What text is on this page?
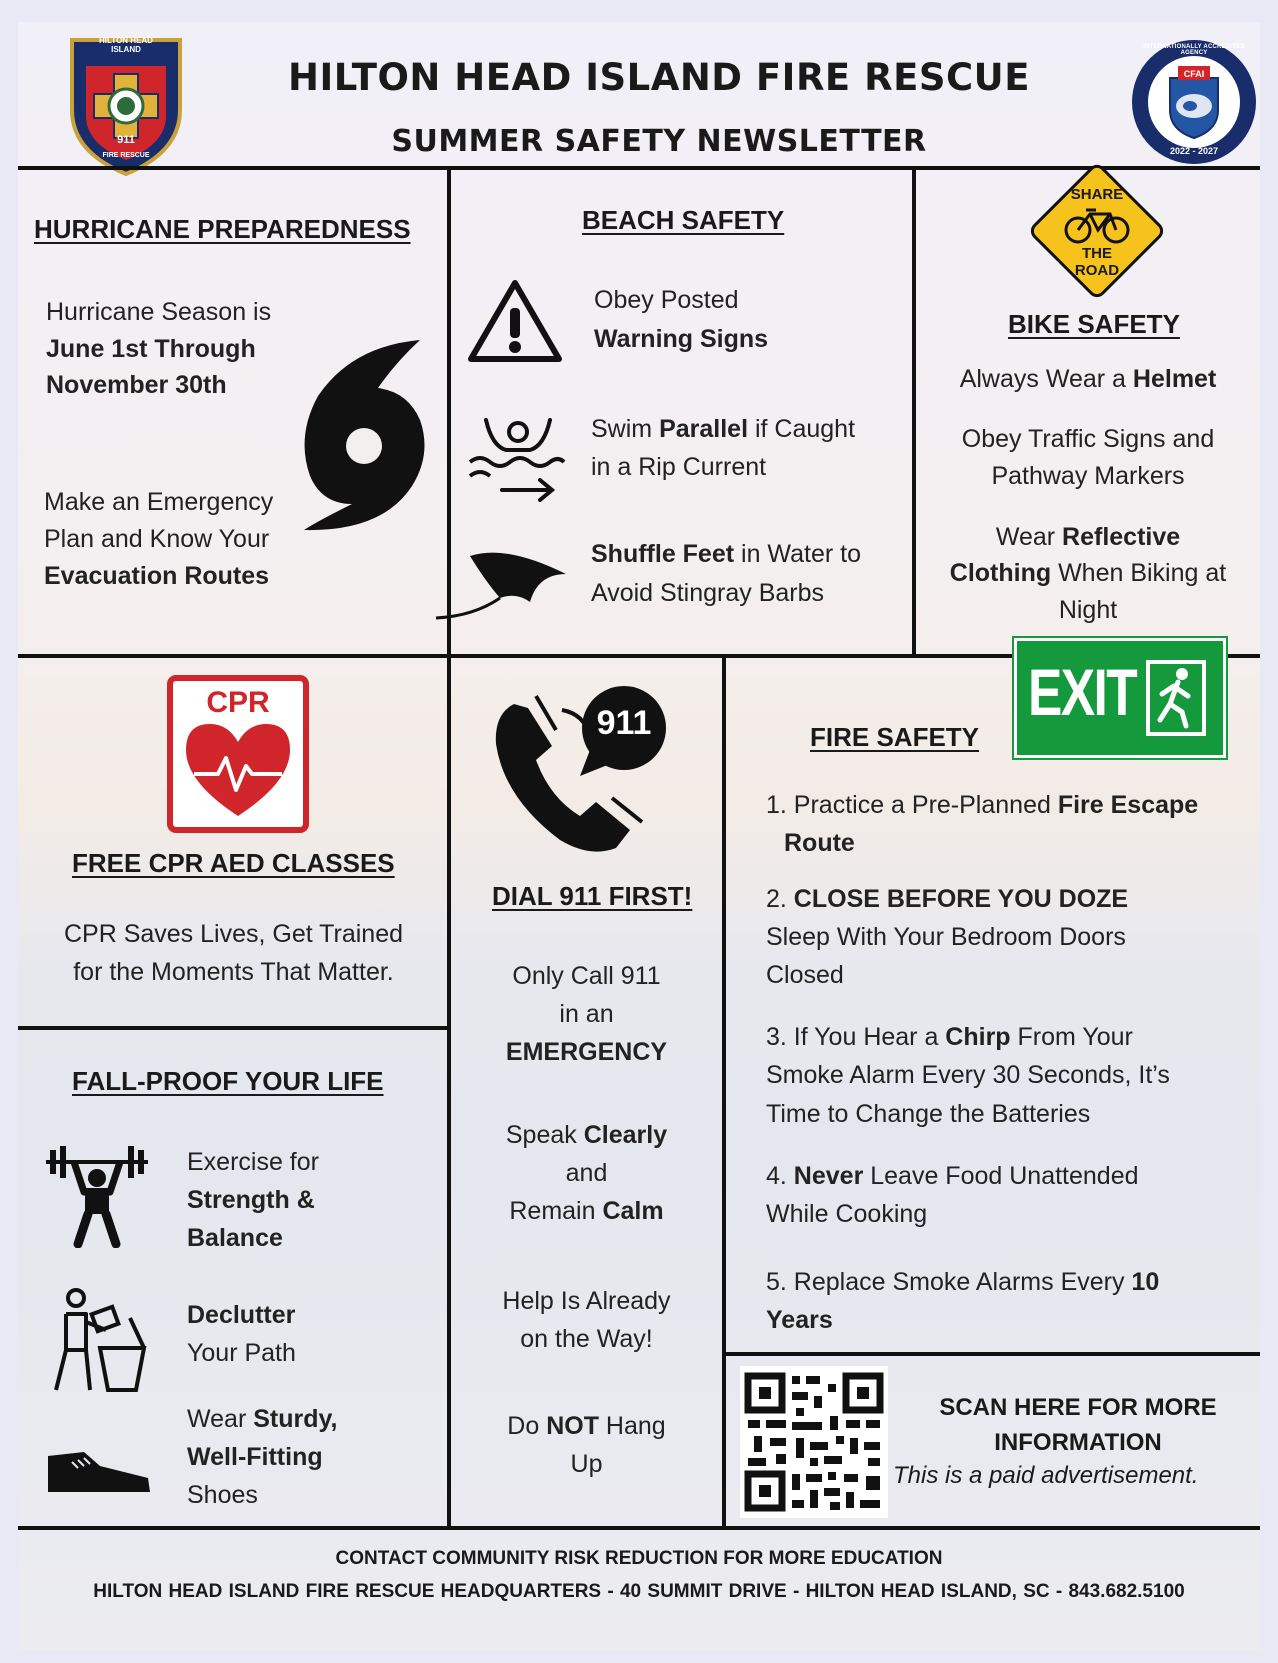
HILTON HEAD ISLAND
911
FIRE RESCUE
CFAI
2022 - 2027
INTERNATIONALLY ACCREDITED AGENCY
HILTON HEAD ISLAND FIRE RESCUE
SUMMER SAFETY NEWSLETTER
HURRICANE PREPAREDNESS
Hurricane Season is
June 1st Through
November 30th
Make an Emergency
Plan and Know Your
Evacuation Routes
BEACH SAFETY
Obey Posted
Warning Signs
Swim Parallel if Caught
in a Rip Current
Shuffle Feet in Water to
Avoid Stingray Barbs
SHARE
THE
ROAD
BIKE SAFETY
Always Wear a Helmet
Obey Traffic Signs and
Pathway Markers
Wear Reflective
Clothing When Biking at
Night
CPR
FREE CPR AED CLASSES
CPR Saves Lives, Get Trained
for the Moments That Matter.
911
DIAL 911 FIRST!
Only Call 911
in an
EMERGENCY
Speak Clearly
and
Remain Calm
Help Is Already
on the Way!
Do NOT Hang
Up
EXIT
FIRE SAFETY
1. Practice a Pre-Planned Fire Escape
Route
2. CLOSE BEFORE YOU DOZE
Sleep With Your Bedroom Doors
Closed
3. If You Hear a Chirp From Your
Smoke Alarm Every 30 Seconds, It’s
Time to Change the Batteries
4. Never Leave Food Unattended
While Cooking
5. Replace Smoke Alarms Every 10
Years
FALL-PROOF YOUR LIFE
Exercise for
Strength &
Balance
Declutter
Your Path
Wear Sturdy,
Well-Fitting
Shoes
SCAN HERE FOR MORE
INFORMATION
This is a paid advertisement.
CONTACT COMMUNITY RISK REDUCTION FOR MORE EDUCATION
HILTON HEAD ISLAND FIRE RESCUE HEADQUARTERS - 40 SUMMIT DRIVE - HILTON HEAD ISLAND, SC - 843.682.5100
